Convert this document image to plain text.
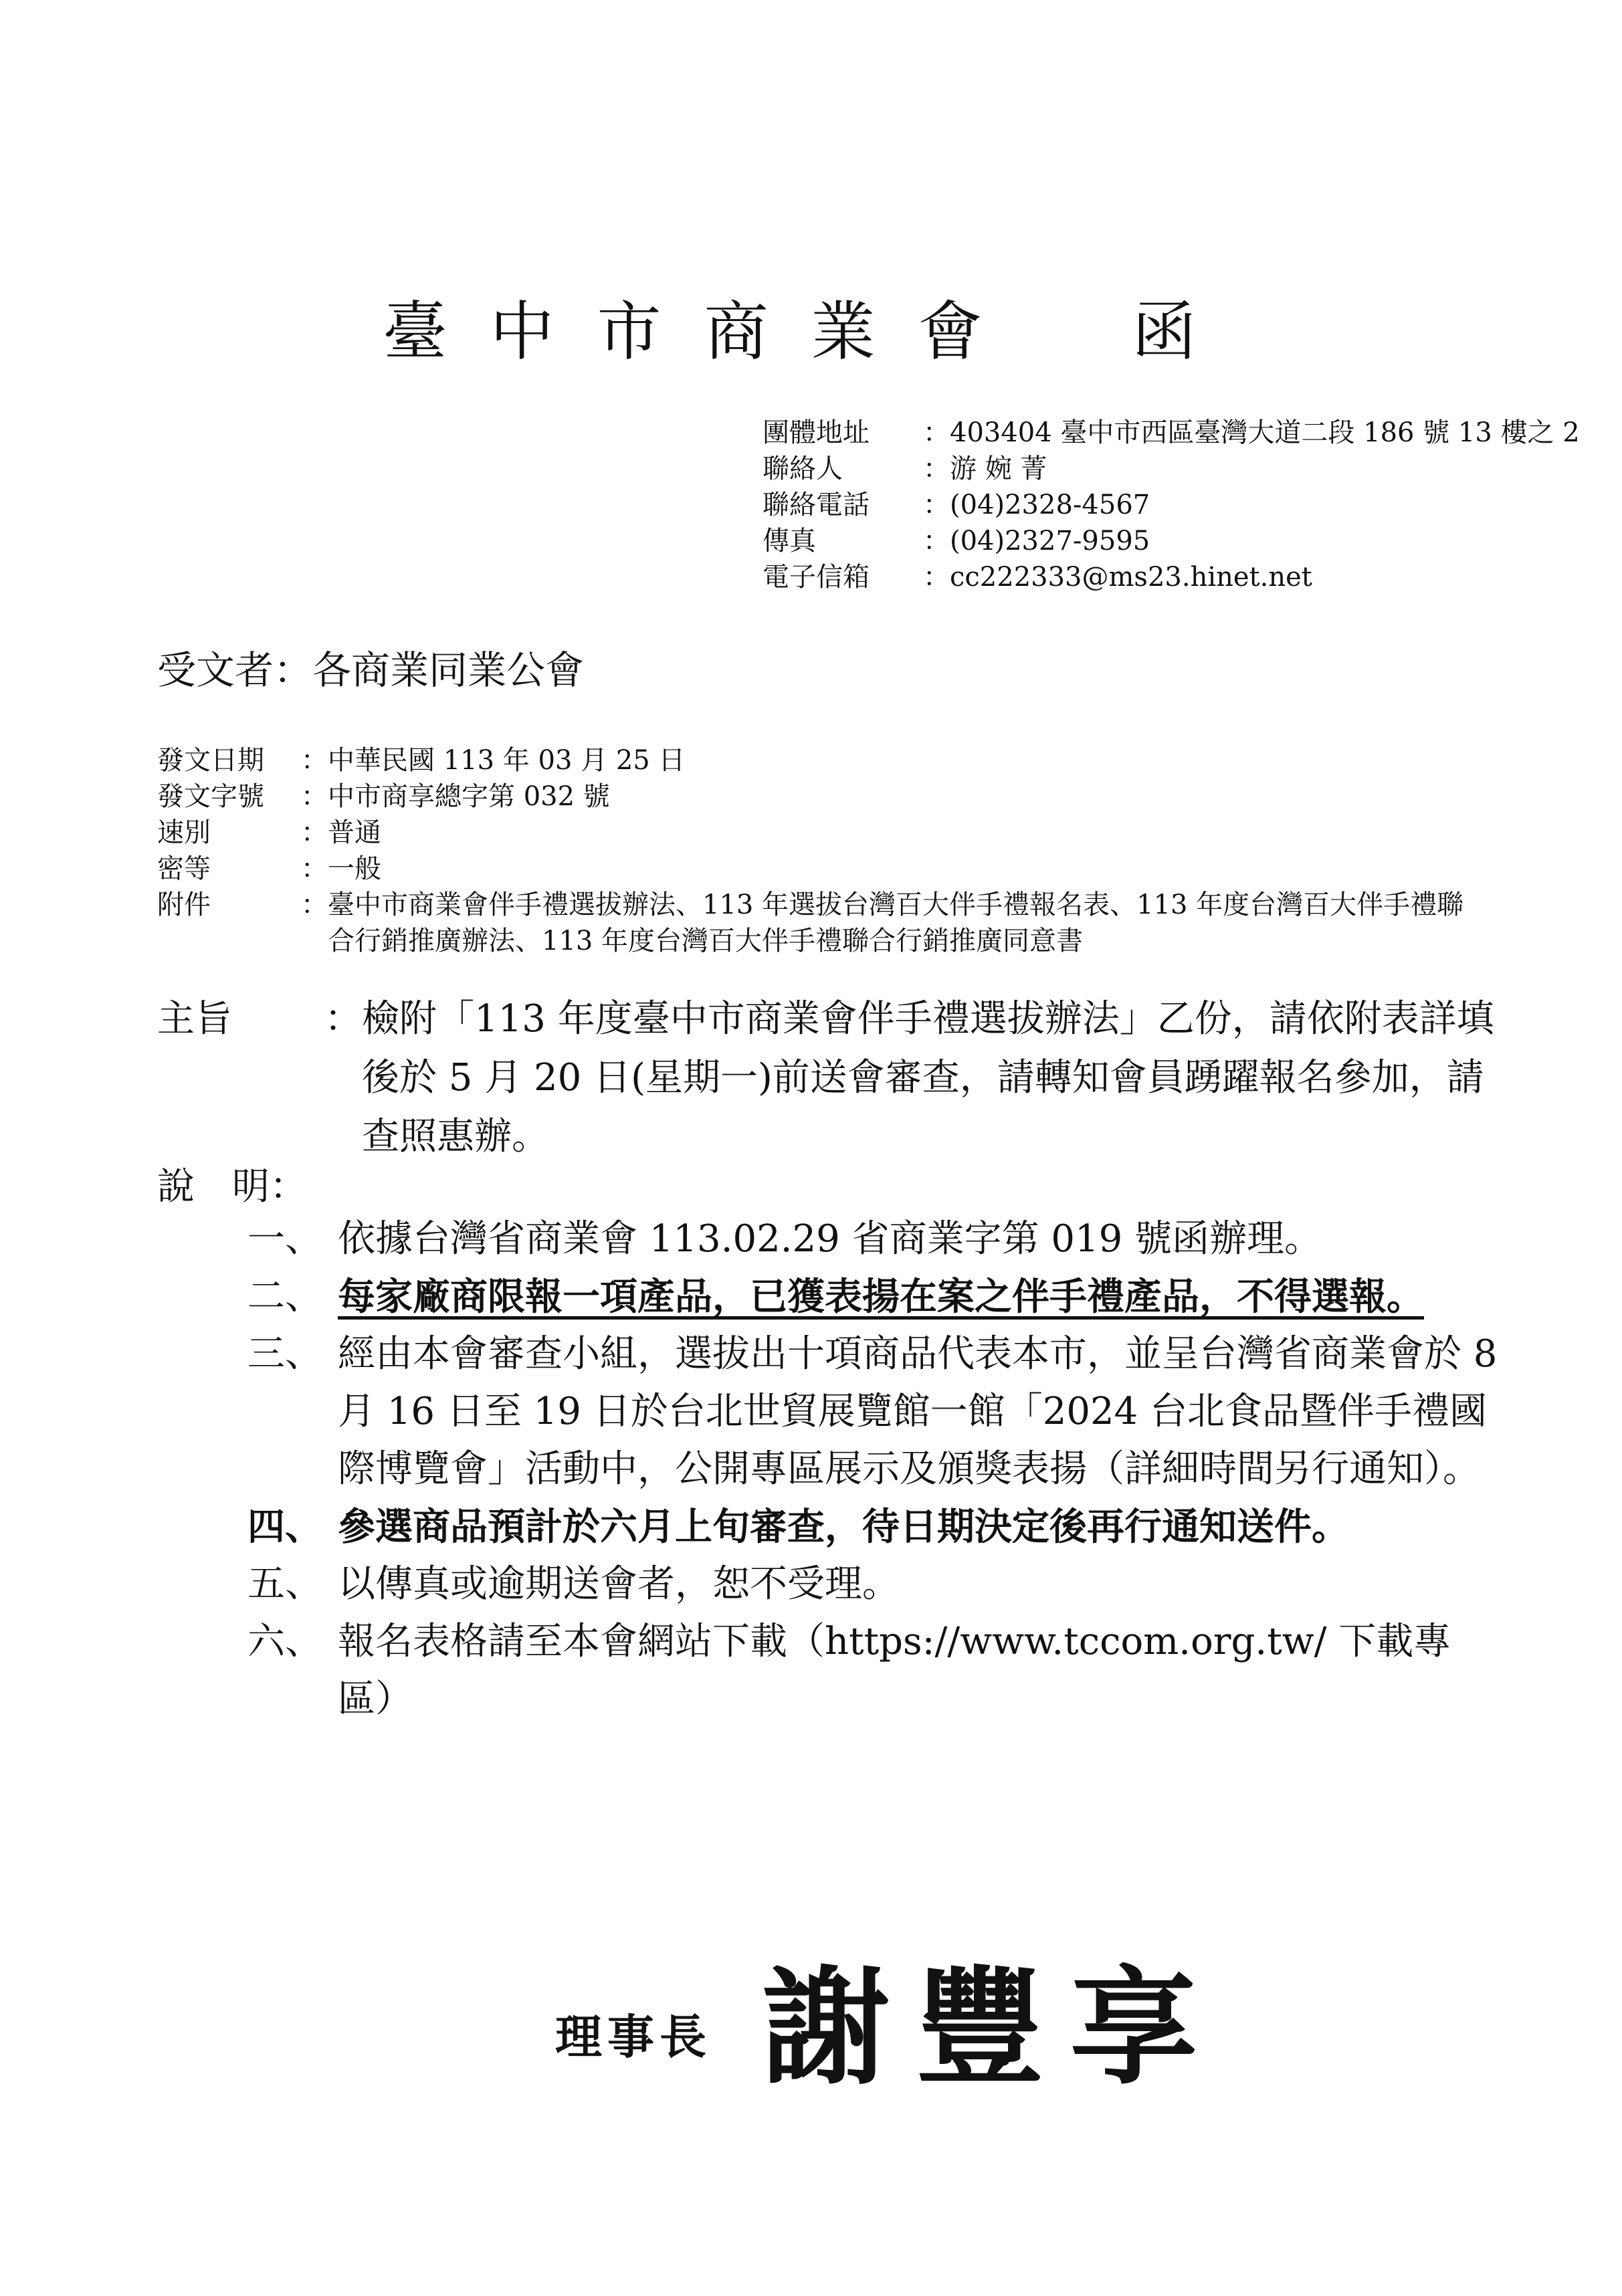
臺中市商業會　函
團體地址	： 403404 臺中市西區臺灣大道二段 186 號 13 樓之 2
聯絡人	： 游 婉 菁
聯絡電話	： (04)2328-4567
傳真	： (04)2327-9595
電子信箱	： cc222333@ms23.hinet.net
受文者：各商業同業公會
發文日期	： 中華民國 113 年 03 月 25 日
發文字號	： 中市商享總字第 032 號
速別	： 普通
密等	： 一般
附件	： 臺中市商業會伴手禮選拔辦法、113 年選拔台灣百大伴手禮報名表、113 年度台灣百大伴手禮聯合行銷推廣辦法、113 年度台灣百大伴手禮聯合行銷推廣同意書
主旨	： 檢附「113 年度臺中市商業會伴手禮選拔辦法」乙份，請依附表詳填後於 5 月 20 日(星期一)前送會審查，請轉知會員踴躍報名參加，請　查照惠辦。
說　明：
一、 依據台灣省商業會 113.02.29 省商業字第 019 號函辦理。
二、 每家廠商限報一項產品，已獲表揚在案之伴手禮產品，不得選報。
三、 經由本會審查小組，選拔出十項商品代表本市，並呈台灣省商業會於 8 月 16 日至 19 日於台北世貿展覽館一館「2024 台北食品暨伴手禮國際博覽會」活動中，公開專區展示及頒獎表揚（詳細時間另行通知）。
四、 參選商品預計於六月上旬審查，待日期決定後再行通知送件。
五、 以傳真或逾期送會者，恕不受理。
六、 報名表格請至本會網站下載（https://www.tccom.org.tw/ 下載專區）
理事長 謝豐享
